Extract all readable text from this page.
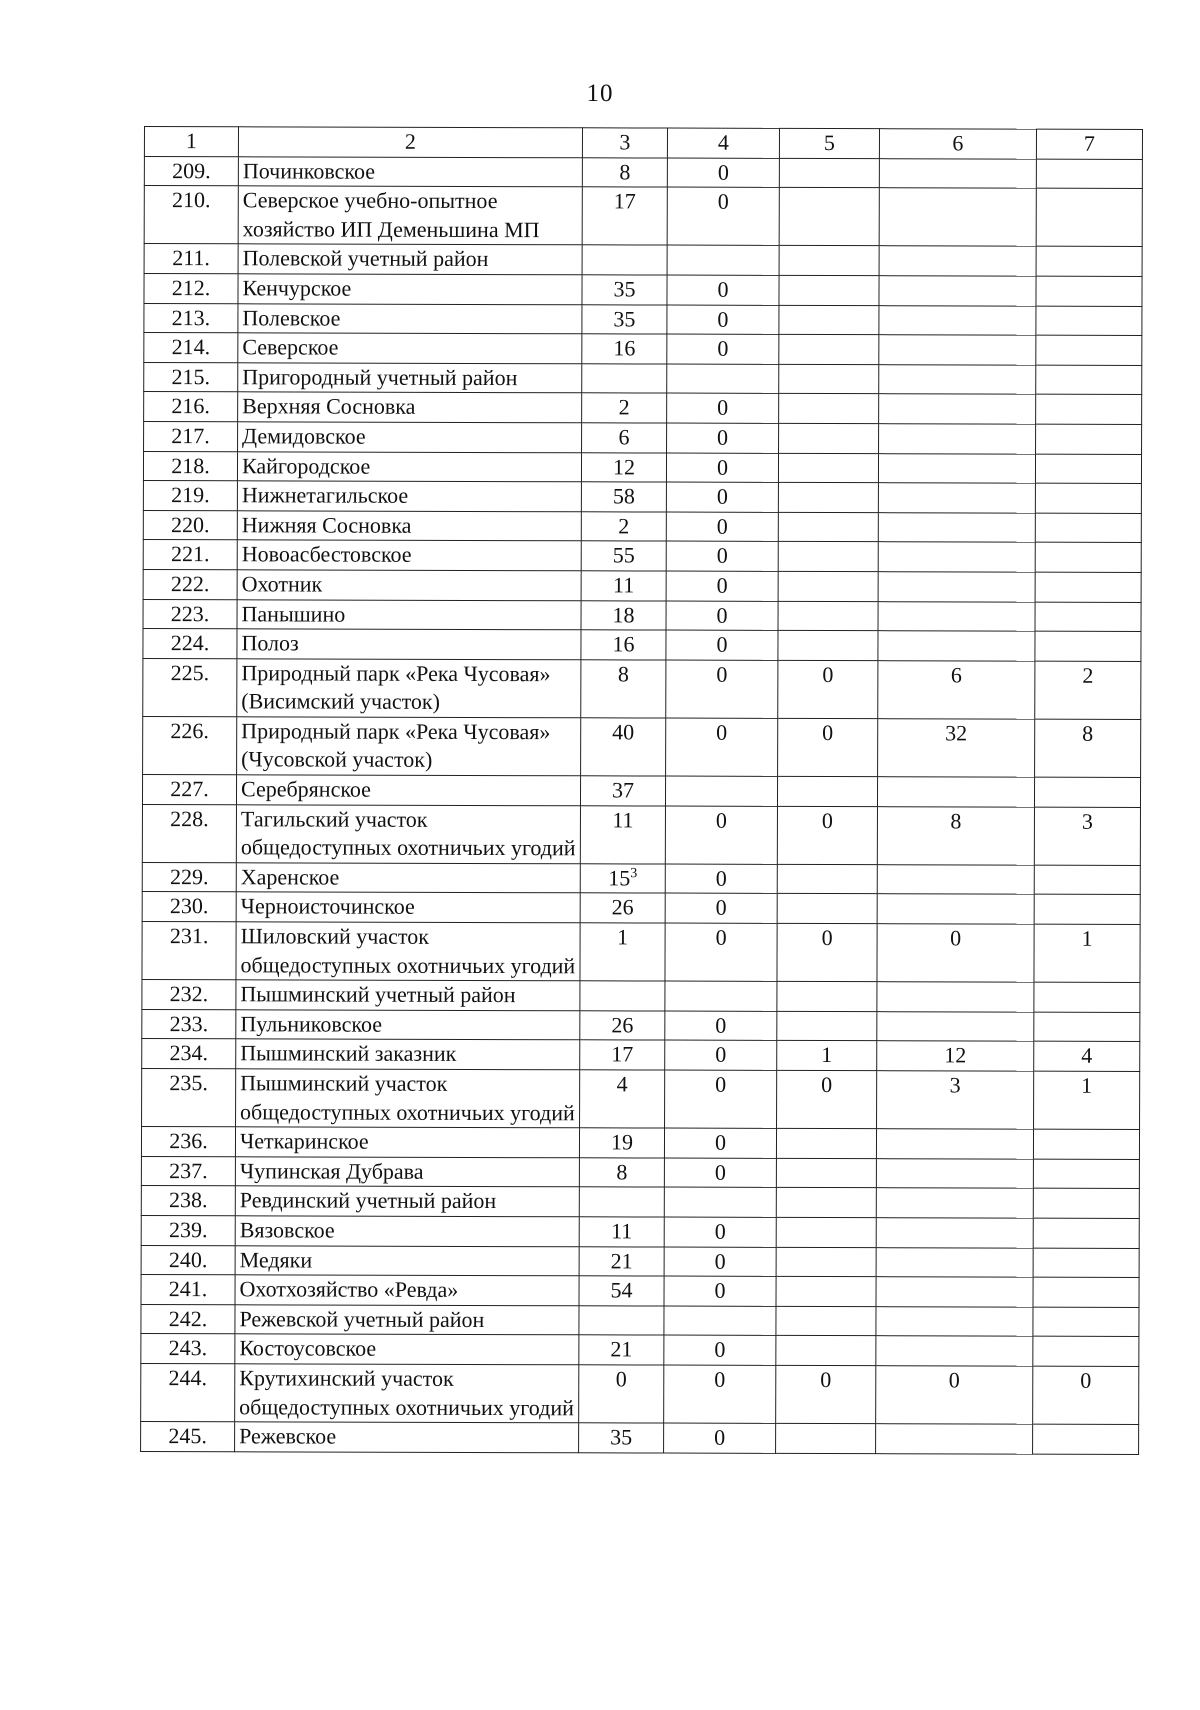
10
1	2	3	4	5	6	7
209.	Починковское	8	0			
210.	Северское учебно-опытное хозяйство ИП Деменьшина МП	17	0			
211.	Полевской учетный район					
212.	Кенчурское	35	0			
213.	Полевское	35	0			
214.	Северское	16	0			
215.	Пригородный учетный район					
216.	Верхняя Сосновка	2	0			
217.	Демидовское	6	0			
218.	Кайгородское	12	0			
219.	Нижнетагильское	58	0			
220.	Нижняя Сосновка	2	0			
221.	Новоасбестовское	55	0			
222.	Охотник	11	0			
223.	Панышино	18	0			
224.	Полоз	16	0			
225.	Природный парк «Река Чусовая» (Висимский участок)	8	0	0	6	2
226.	Природный парк «Река Чусовая» (Чусовской участок)	40	0	0	32	8
227.	Серебрянское	37				
228.	Тагильский участок общедоступных охотничьих угодий	11	0	0	8	3
229.	Харенское	$15^3$	0			
230.	Черноисточинское	26	0			
231.	Шиловский участок общедоступных охотничьих угодий	1	0	0	0	1
232.	Пышминский учетный район					
233.	Пульниковское	26	0			
234.	Пышминский заказник	17	0	1	12	4
235.	Пышминский участок общедоступных охотничьих угодий	4	0	0	3	1
236.	Четкаринское	19	0			
237.	Чупинская Дубрава	8	0			
238.	Ревдинский учетный район					
239.	Вязовское	11	0			
240.	Медяки	21	0			
241.	Охотхозяйство «Ревда»	54	0			
242.	Режевской учетный район					
243.	Костоусовское	21	0			
244.	Крутихинский участок общедоступных охотничьих угодий	0	0	0	0	0
245.	Режевское	35	0			
